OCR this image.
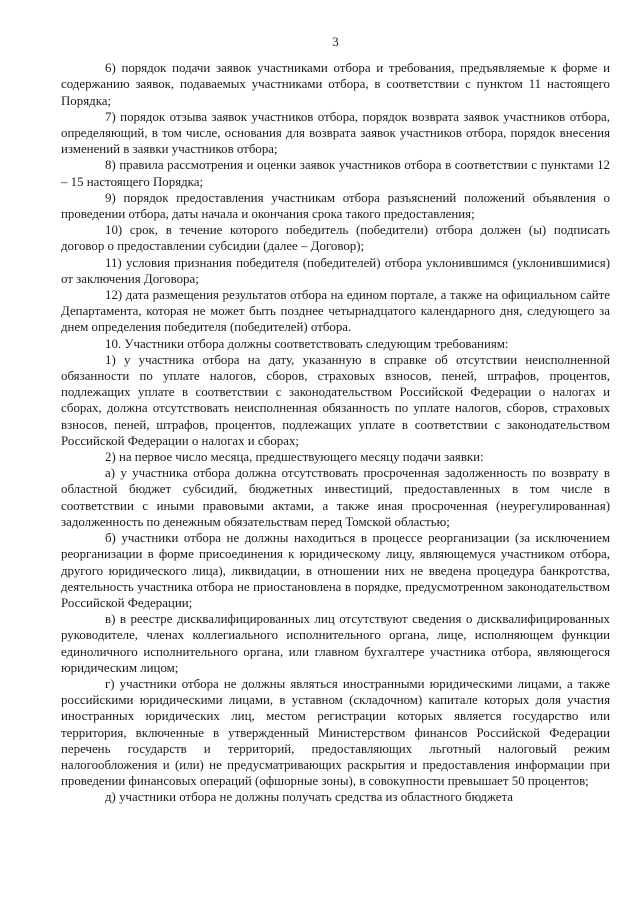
3

6) порядок подачи заявок участниками отбора и требования, предъявляемые к форме и содержанию заявок, подаваемых участниками отбора, в соответствии с пунктом 11 настоящего Порядка;

7) порядок отзыва заявок участников отбора, порядок возврата заявок участников отбора, определяющий, в том числе, основания для возврата заявок участников отбора, порядок внесения изменений в заявки участников отбора;

8) правила рассмотрения и оценки заявок участников отбора в соответствии с пунктами 12 – 15 настоящего Порядка;

9) порядок предоставления участникам отбора разъяснений положений объявления о проведении отбора, даты начала и окончания срока такого предоставления;

10) срок, в течение которого победитель (победители) отбора должен (ы) подписать договор о предоставлении субсидии (далее – Договор);

11) условия признания победителя (победителей) отбора уклонившимся (уклонившимися) от заключения Договора;

12) дата размещения результатов отбора на едином портале, а также на официальном сайте Департамента, которая не может быть позднее четырнадцатого календарного дня, следующего за днем определения победителя (победителей) отбора.

10. Участники отбора должны соответствовать следующим требованиям:

1) у участника отбора на дату, указанную в справке об отсутствии неисполненной обязанности по уплате налогов, сборов, страховых взносов, пеней, штрафов, процентов, подлежащих уплате в соответствии с законодательством Российской Федерации о налогах и сборах, должна отсутствовать неисполненная обязанность по уплате налогов, сборов, страховых взносов, пеней, штрафов, процентов, подлежащих уплате в соответствии с законодательством Российской Федерации о налогах и сборах;

2) на первое число месяца, предшествующего месяцу подачи заявки:

а) у участника отбора должна отсутствовать просроченная задолженность по возврату в областной бюджет субсидий, бюджетных инвестиций, предоставленных в том числе в соответствии с иными правовыми актами, а также иная просроченная (неурегулированная) задолженность по денежным обязательствам перед Томской областью;

б) участники отбора не должны находиться в процессе реорганизации (за исключением реорганизации в форме присоединения к юридическому лицу, являющемуся участником отбора, другого юридического лица), ликвидации, в отношении них не введена процедура банкротства, деятельность участника отбора не приостановлена в порядке, предусмотренном законодательством Российской Федерации;

в) в реестре дисквалифицированных лиц отсутствуют сведения о дисквалифицированных руководителе, членах коллегиального исполнительного органа, лице, исполняющем функции единоличного исполнительного органа, или главном бухгалтере участника отбора, являющегося юридическим лицом;

г) участники отбора не должны являться иностранными юридическими лицами, а также российскими юридическими лицами, в уставном (складочном) капитале которых доля участия иностранных юридических лиц, местом регистрации которых является государство или территория, включенные в утвержденный Министерством финансов Российской Федерации перечень государств и территорий, предоставляющих льготный налоговый режим налогообложения и (или) не предусматривающих раскрытия и предоставления информации при проведении финансовых операций (офшорные зоны), в совокупности превышает 50 процентов;

д) участники отбора не должны получать средства из областного бюджета
